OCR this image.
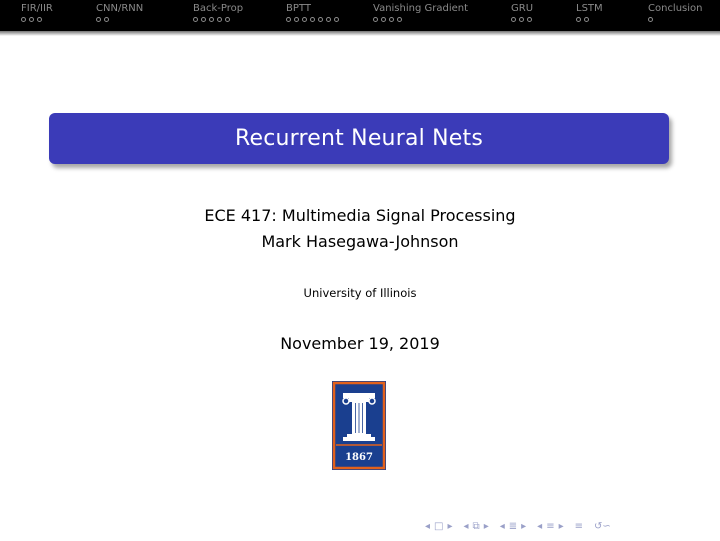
FIR/IIR	CNN/RNN	Back-Prop	BPTT	Vanishing Gradient	GRU	LSTM	Conclusion
Recurrent Neural Nets
ECE 417: Multimedia Signal Processing
Mark Hasegawa-Johnson
University of Illinois
November 19, 2019
1867
◂ □ ▸ ◂ ⧉ ▸ ◂ ≣ ▸ ◂ ≡ ▸ ≡ ↺∽
